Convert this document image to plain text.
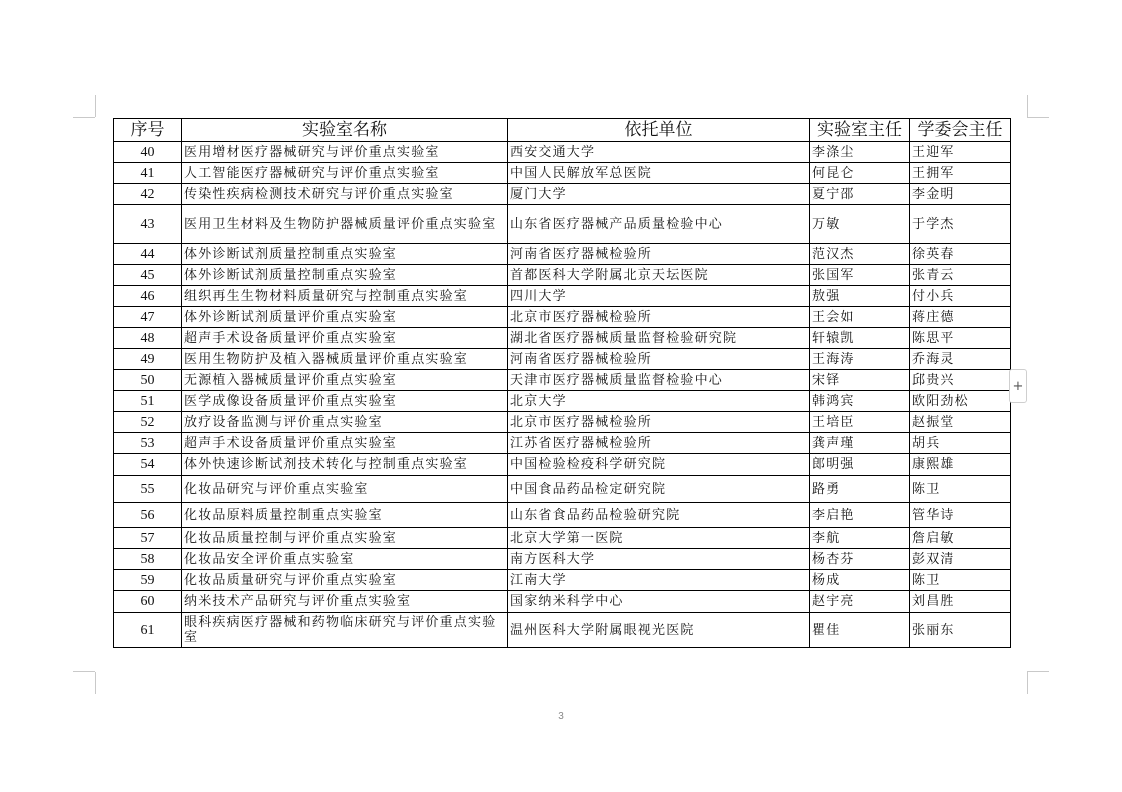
序号	实验室名称	依托单位	实验室主任	学委会主任
40	医用增材医疗器械研究与评价重点实验室	西安交通大学	李涤尘	王迎军
41	人工智能医疗器械研究与评价重点实验室	中国人民解放军总医院	何昆仑	王拥军
42	传染性疾病检测技术研究与评价重点实验室	厦门大学	夏宁邵	李金明
43	医用卫生材料及生物防护器械质量评价重点实验室	山东省医疗器械产品质量检验中心	万敏	于学杰
44	体外诊断试剂质量控制重点实验室	河南省医疗器械检验所	范汉杰	徐英春
45	体外诊断试剂质量控制重点实验室	首都医科大学附属北京天坛医院	张国军	张青云
46	组织再生生物材料质量研究与控制重点实验室	四川大学	敖强	付小兵
47	体外诊断试剂质量评价重点实验室	北京市医疗器械检验所	王会如	蒋庄德
48	超声手术设备质量评价重点实验室	湖北省医疗器械质量监督检验研究院	轩辕凯	陈思平
49	医用生物防护及植入器械质量评价重点实验室	河南省医疗器械检验所	王海涛	乔海灵
50	无源植入器械质量评价重点实验室	天津市医疗器械质量监督检验中心	宋铎	邱贵兴
51	医学成像设备质量评价重点实验室	北京大学	韩鸿宾	欧阳劲松
52	放疗设备监测与评价重点实验室	北京市医疗器械检验所	王培臣	赵振堂
53	超声手术设备质量评价重点实验室	江苏省医疗器械检验所	龚声瑾	胡兵
54	体外快速诊断试剂技术转化与控制重点实验室	中国检验检疫科学研究院	郎明强	康熙雄
55	化妆品研究与评价重点实验室	中国食品药品检定研究院	路勇	陈卫
56	化妆品原料质量控制重点实验室	山东省食品药品检验研究院	李启艳	管华诗
57	化妆品质量控制与评价重点实验室	北京大学第一医院	李航	詹启敏
58	化妆品安全评价重点实验室	南方医科大学	杨杏芬	彭双清
59	化妆品质量研究与评价重点实验室	江南大学	杨成	陈卫
60	纳米技术产品研究与评价重点实验室	国家纳米科学中心	赵宇亮	刘昌胜
61	眼科疾病医疗器械和药物临床研究与评价重点实验室	温州医科大学附属眼视光医院	瞿佳	张丽东
+
3
